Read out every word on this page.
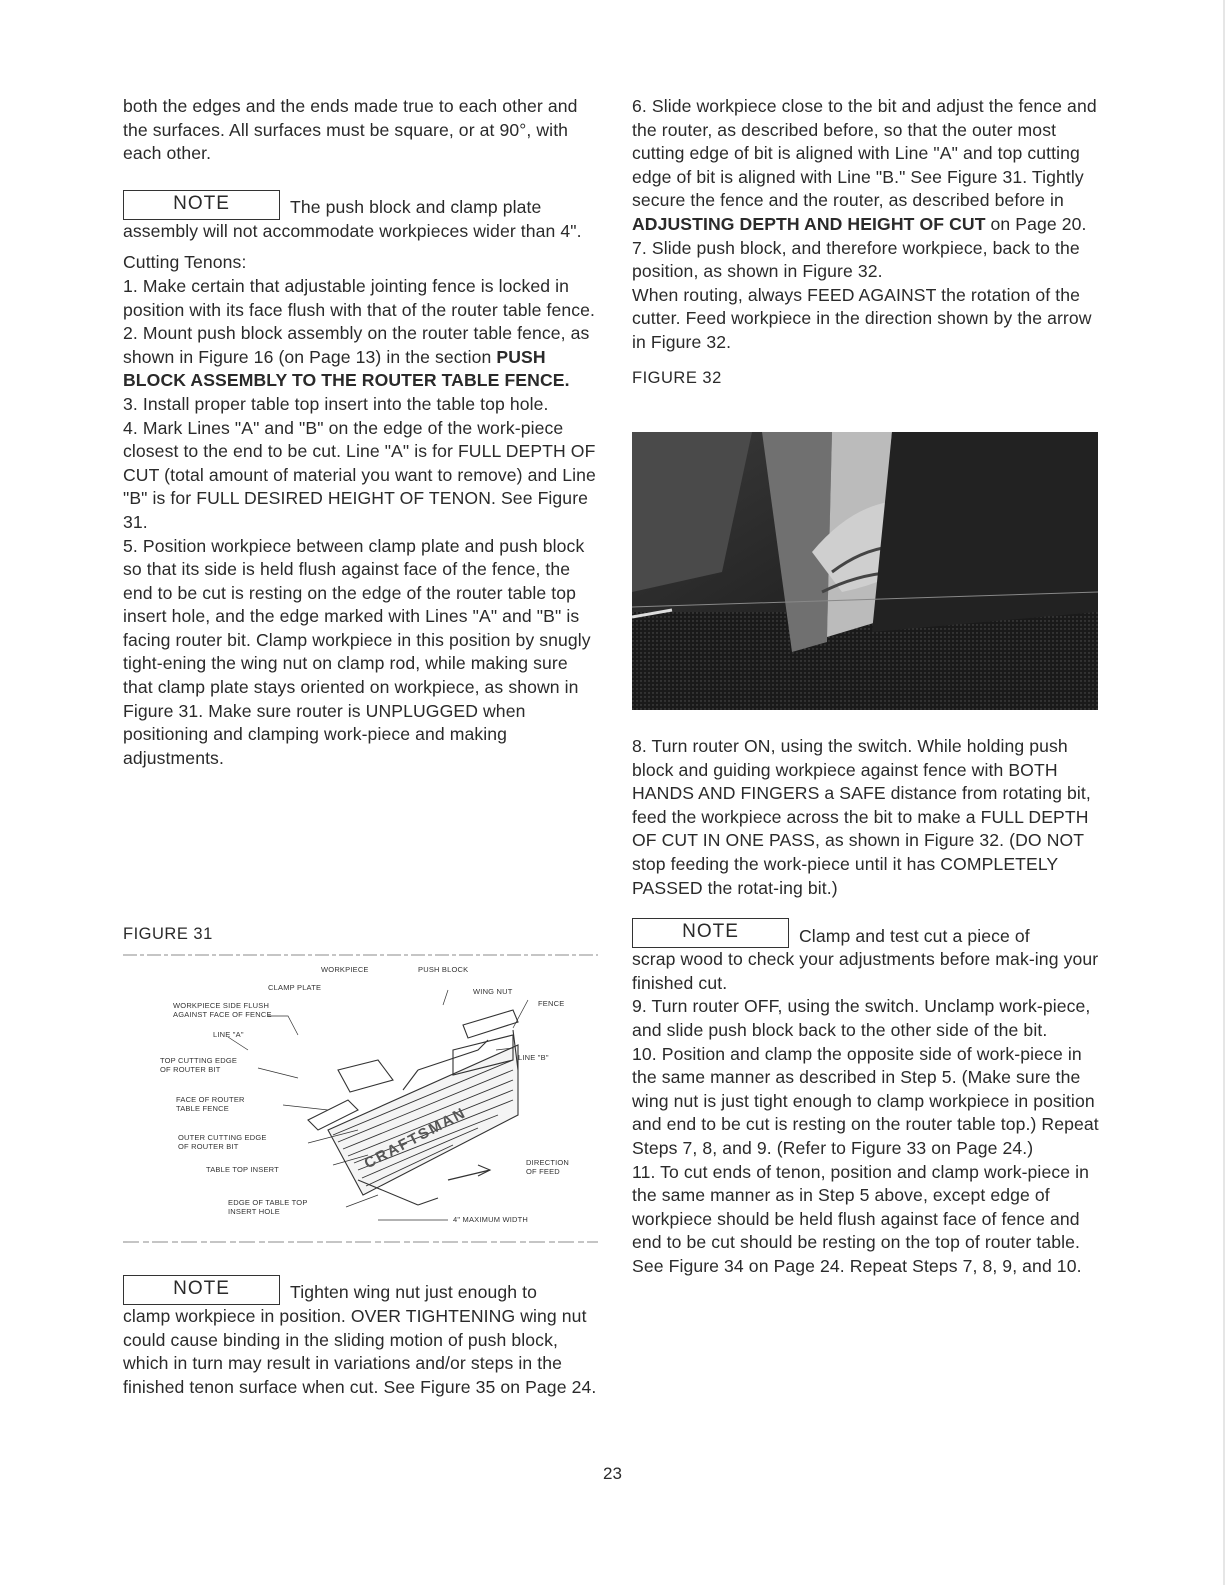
both the edges and the ends made true to each other and the surfaces. All surfaces must be square, or at 90°, with each other.

NOTE	The push block and clamp plate

assembly will not accommodate workpieces wider than 4".

Cutting Tenons:

1. Make certain that adjustable jointing fence is locked in position with its face flush with that of the router table fence.

2. Mount push block assembly on the router table fence, as shown in Figure 16 (on Page 13) in the section PUSH BLOCK ASSEMBLY TO THE ROUTER TABLE FENCE.

3. Install proper table top insert into the table top hole.

4. Mark Lines "A" and "B" on the edge of the work-piece closest to the end to be cut. Line "A" is for FULL DEPTH OF CUT (total amount of material you want to remove) and Line "B" is for FULL DESIRED HEIGHT OF TENON. See Figure 31.

5. Position workpiece between clamp plate and push block so that its side is held flush against face of the fence, the end to be cut is resting on the edge of the router table top insert hole, and the edge marked with Lines "A" and "B" is facing router bit. Clamp workpiece in this position by snugly tight-ening the wing nut on clamp rod, while making sure that clamp plate stays oriented on workpiece, as shown in Figure 31. Make sure router is UNPLUGGED when positioning and clamping work-piece and making adjustments.

FIGURE 31

NOTE	Tighten wing nut just enough to

clamp workpiece in position. OVER TIGHTENING wing nut could cause binding in the sliding motion of push block, which in turn may result in variations and/or steps in the finished tenon surface when cut. See Figure 35 on Page 24.

CRAFTSMAN
WORKPIECE	PUSH BLOCK
CLAMP PLATE	WING NUT
WORKPIECE SIDE FLUSH
AGAINST FACE OF FENCE
FENCE
LINE "A"
LINE "B"
TOP CUTTING EDGE
OF ROUTER BIT
FACE OF ROUTER
TABLE FENCE
OUTER CUTTING EDGE
OF ROUTER BIT
TABLE TOP INSERT
DIRECTION
OF FEED
EDGE OF TABLE TOP
INSERT HOLE
4" MAXIMUM WIDTH

6. Slide workpiece close to the bit and adjust the fence and the router, as described before, so that the outer most cutting edge of bit is aligned with Line "A" and top cutting edge of bit is aligned with Line "B." See Figure 31. Tightly secure the fence and the router, as described before in ADJUSTING DEPTH AND HEIGHT OF CUT on Page 20.

7. Slide push block, and therefore workpiece, back to the position, as shown in Figure 32.

When routing, always FEED AGAINST the rotation of the cutter. Feed workpiece in the direction shown by the arrow in Figure 32.

FIGURE 32

8. Turn router ON, using the switch. While holding push block and guiding workpiece against fence with BOTH HANDS AND FINGERS a SAFE distance from rotating bit, feed the workpiece across the bit to make a FULL DEPTH OF CUT IN ONE PASS, as shown in Figure 32. (DO NOT stop feeding the work-piece until it has COMPLETELY PASSED the rotat-ing bit.)

NOTE	Clamp and test cut a piece of

scrap wood to check your adjustments before mak-ing your finished cut.

9. Turn router OFF, using the switch. Unclamp work-piece, and slide push block back to the other side of the bit.

10. Position and clamp the opposite side of work-piece in the same manner as described in Step 5. (Make sure the wing nut is just tight enough to clamp workpiece in position and end to be cut is resting on the router table top.) Repeat Steps 7, 8, and 9. (Refer to Figure 33 on Page 24.)

11. To cut ends of tenon, position and clamp work-piece in the same manner as in Step 5 above, except edge of workpiece should be held flush against face of fence and end to be cut should be resting on the top of router table. See Figure 34 on Page 24. Repeat Steps 7, 8, 9, and 10.

23
